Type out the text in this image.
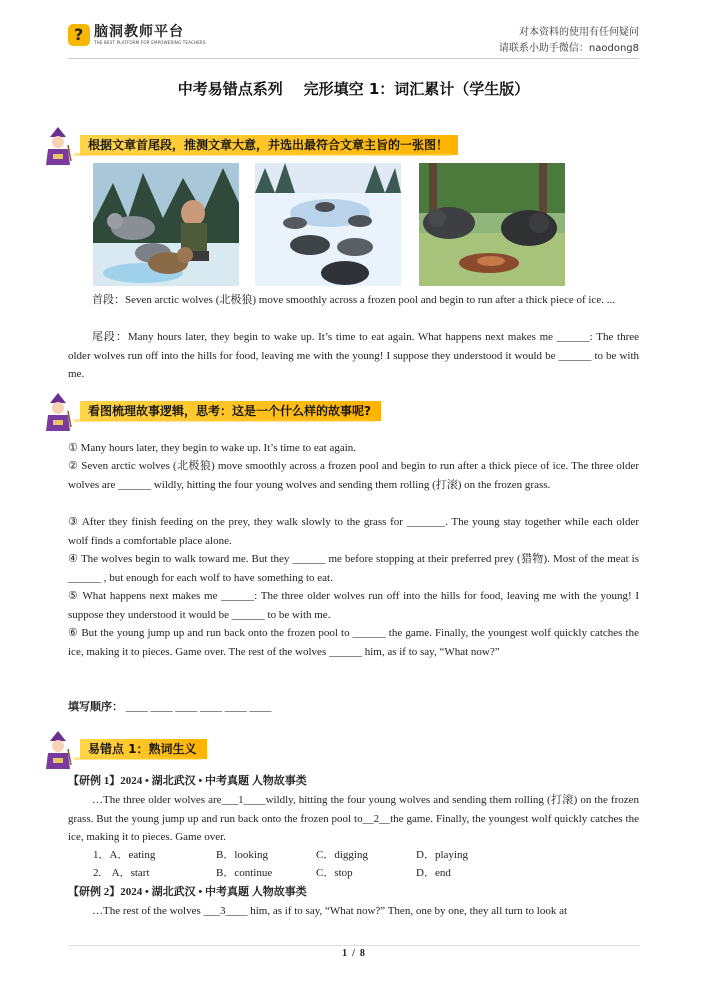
?
脑洞教师平台
THE BEST PLATFORM FOR EMPOWERING TEACHERS
对本资料的使用有任何疑问
请联系小助手微信：naodong8
中考易错点系列    完形填空 1：词汇累计（学生版）
根据文章首尾段，推测文章大意，并选出最符合文章主旨的一张图！
首段：Seven arctic wolves (北极狼) move smoothly across a frozen pool and begin to run after a thick piece of ice. ...
尾段：Many hours later, they begin to wake up. It’s time to eat again. What happens next makes me ______: The three older wolves run off into the hills for food, leaving me with the young! I suppose they understood it would be ______ to be with me.
看图梳理故事逻辑，思考：这是一个什么样的故事呢?
① Many hours later, they begin to wake up. It’s time to eat again.
② Seven arctic wolves (北极狼) move smoothly across a frozen pool and begin to run after a thick piece of ice. The three older wolves are ______ wildly, hitting the four young wolves and sending them rolling (打滚) on the frozen grass.
③ After they finish feeding on the prey, they walk slowly to the grass for _______. The young stay together while each older wolf finds a comfortable place alone.
④ The wolves begin to walk toward me. But they ______ me before stopping at their preferred prey (猎物). Most of the meat is ______ , but enough for each wolf to have something to eat.
⑤ What happens next makes me ______: The three older wolves run off into the hills for food, leaving me with the young! I suppose they understood it would be ______ to be with me.
⑥ But the young jump up and run back onto the frozen pool to ______ the game. Finally, the youngest wolf quickly catches the ice, making it to pieces. Game over. The rest of the wolves ______ him, as if to say, “What now?”
填写顺序： ____ ____ ____ ____ ____ ____
易错点 1：熟词生义
【研例 1】2024 • 湖北武汉 • 中考真题 人物故事类
…The three older wolves are___1____wildly, hitting the four young wolves and sending them rolling (打滚) on the frozen grass. But the young jump up and run back onto the frozen pool to__2__the game. Finally, the youngest wolf quickly catches the ice, making it to pieces. Game over.
1．A．eating	B．looking	C．digging	D．playing
2.    A．start	B．continue	C．stop	D．end
【研例 2】2024 • 湖北武汉 • 中考真题 人物故事类
…The rest of the wolves ___3____ him, as if to say, “What now?” Then, one by one, they all turn to look at
1  /  8
